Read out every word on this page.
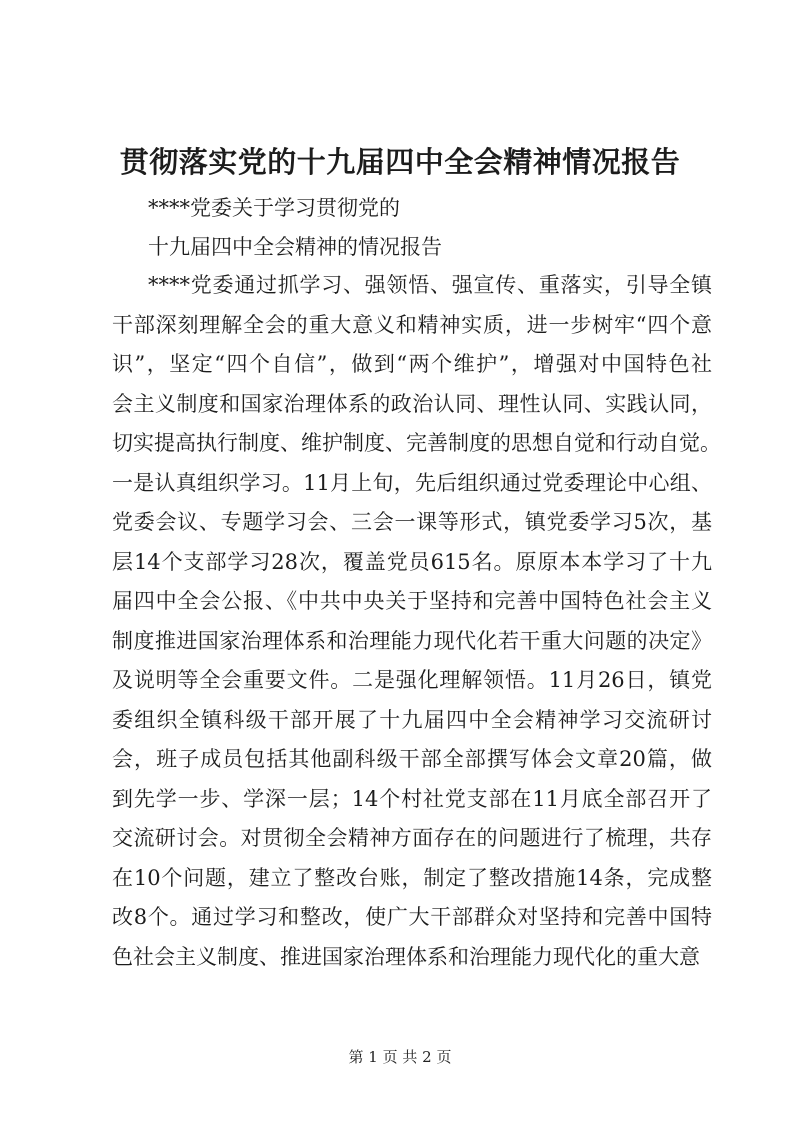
贯彻落实党的十九届四中全会精神情况报告

****党委关于学习贯彻党的

十九届四中全会精神的情况报告

****党委通过抓学习、强领悟、强宣传、重落实，引导全镇
干部深刻理解全会的重大意义和精神实质，进一步树牢“四个意
识”，坚定“四个自信”，做到“两个维护”，增强对中国特色社
会主义制度和国家治理体系的政治认同、理性认同、实践认同，
切实提高执行制度、维护制度、完善制度的思想自觉和行动自觉。
一是认真组织学习。11月上旬，先后组织通过党委理论中心组、
党委会议、专题学习会、三会一课等形式，镇党委学习5次，基
层14个支部学习28次，覆盖党员615名。原原本本学习了十九
届四中全会公报、《中共中央关于坚持和完善中国特色社会主义
制度推进国家治理体系和治理能力现代化若干重大问题的决定》
及说明等全会重要文件。二是强化理解领悟。11月26日，镇党
委组织全镇科级干部开展了十九届四中全会精神学习交流研讨
会，班子成员包括其他副科级干部全部撰写体会文章20篇，做
到先学一步、学深一层；14个村社党支部在11月底全部召开了
交流研讨会。对贯彻全会精神方面存在的问题进行了梳理，共存
在10个问题，建立了整改台账，制定了整改措施14条，完成整
改8个。通过学习和整改，使广大干部群众对坚持和完善中国特
色社会主义制度、推进国家治理体系和治理能力现代化的重大意
第 1 页 共 2 页
